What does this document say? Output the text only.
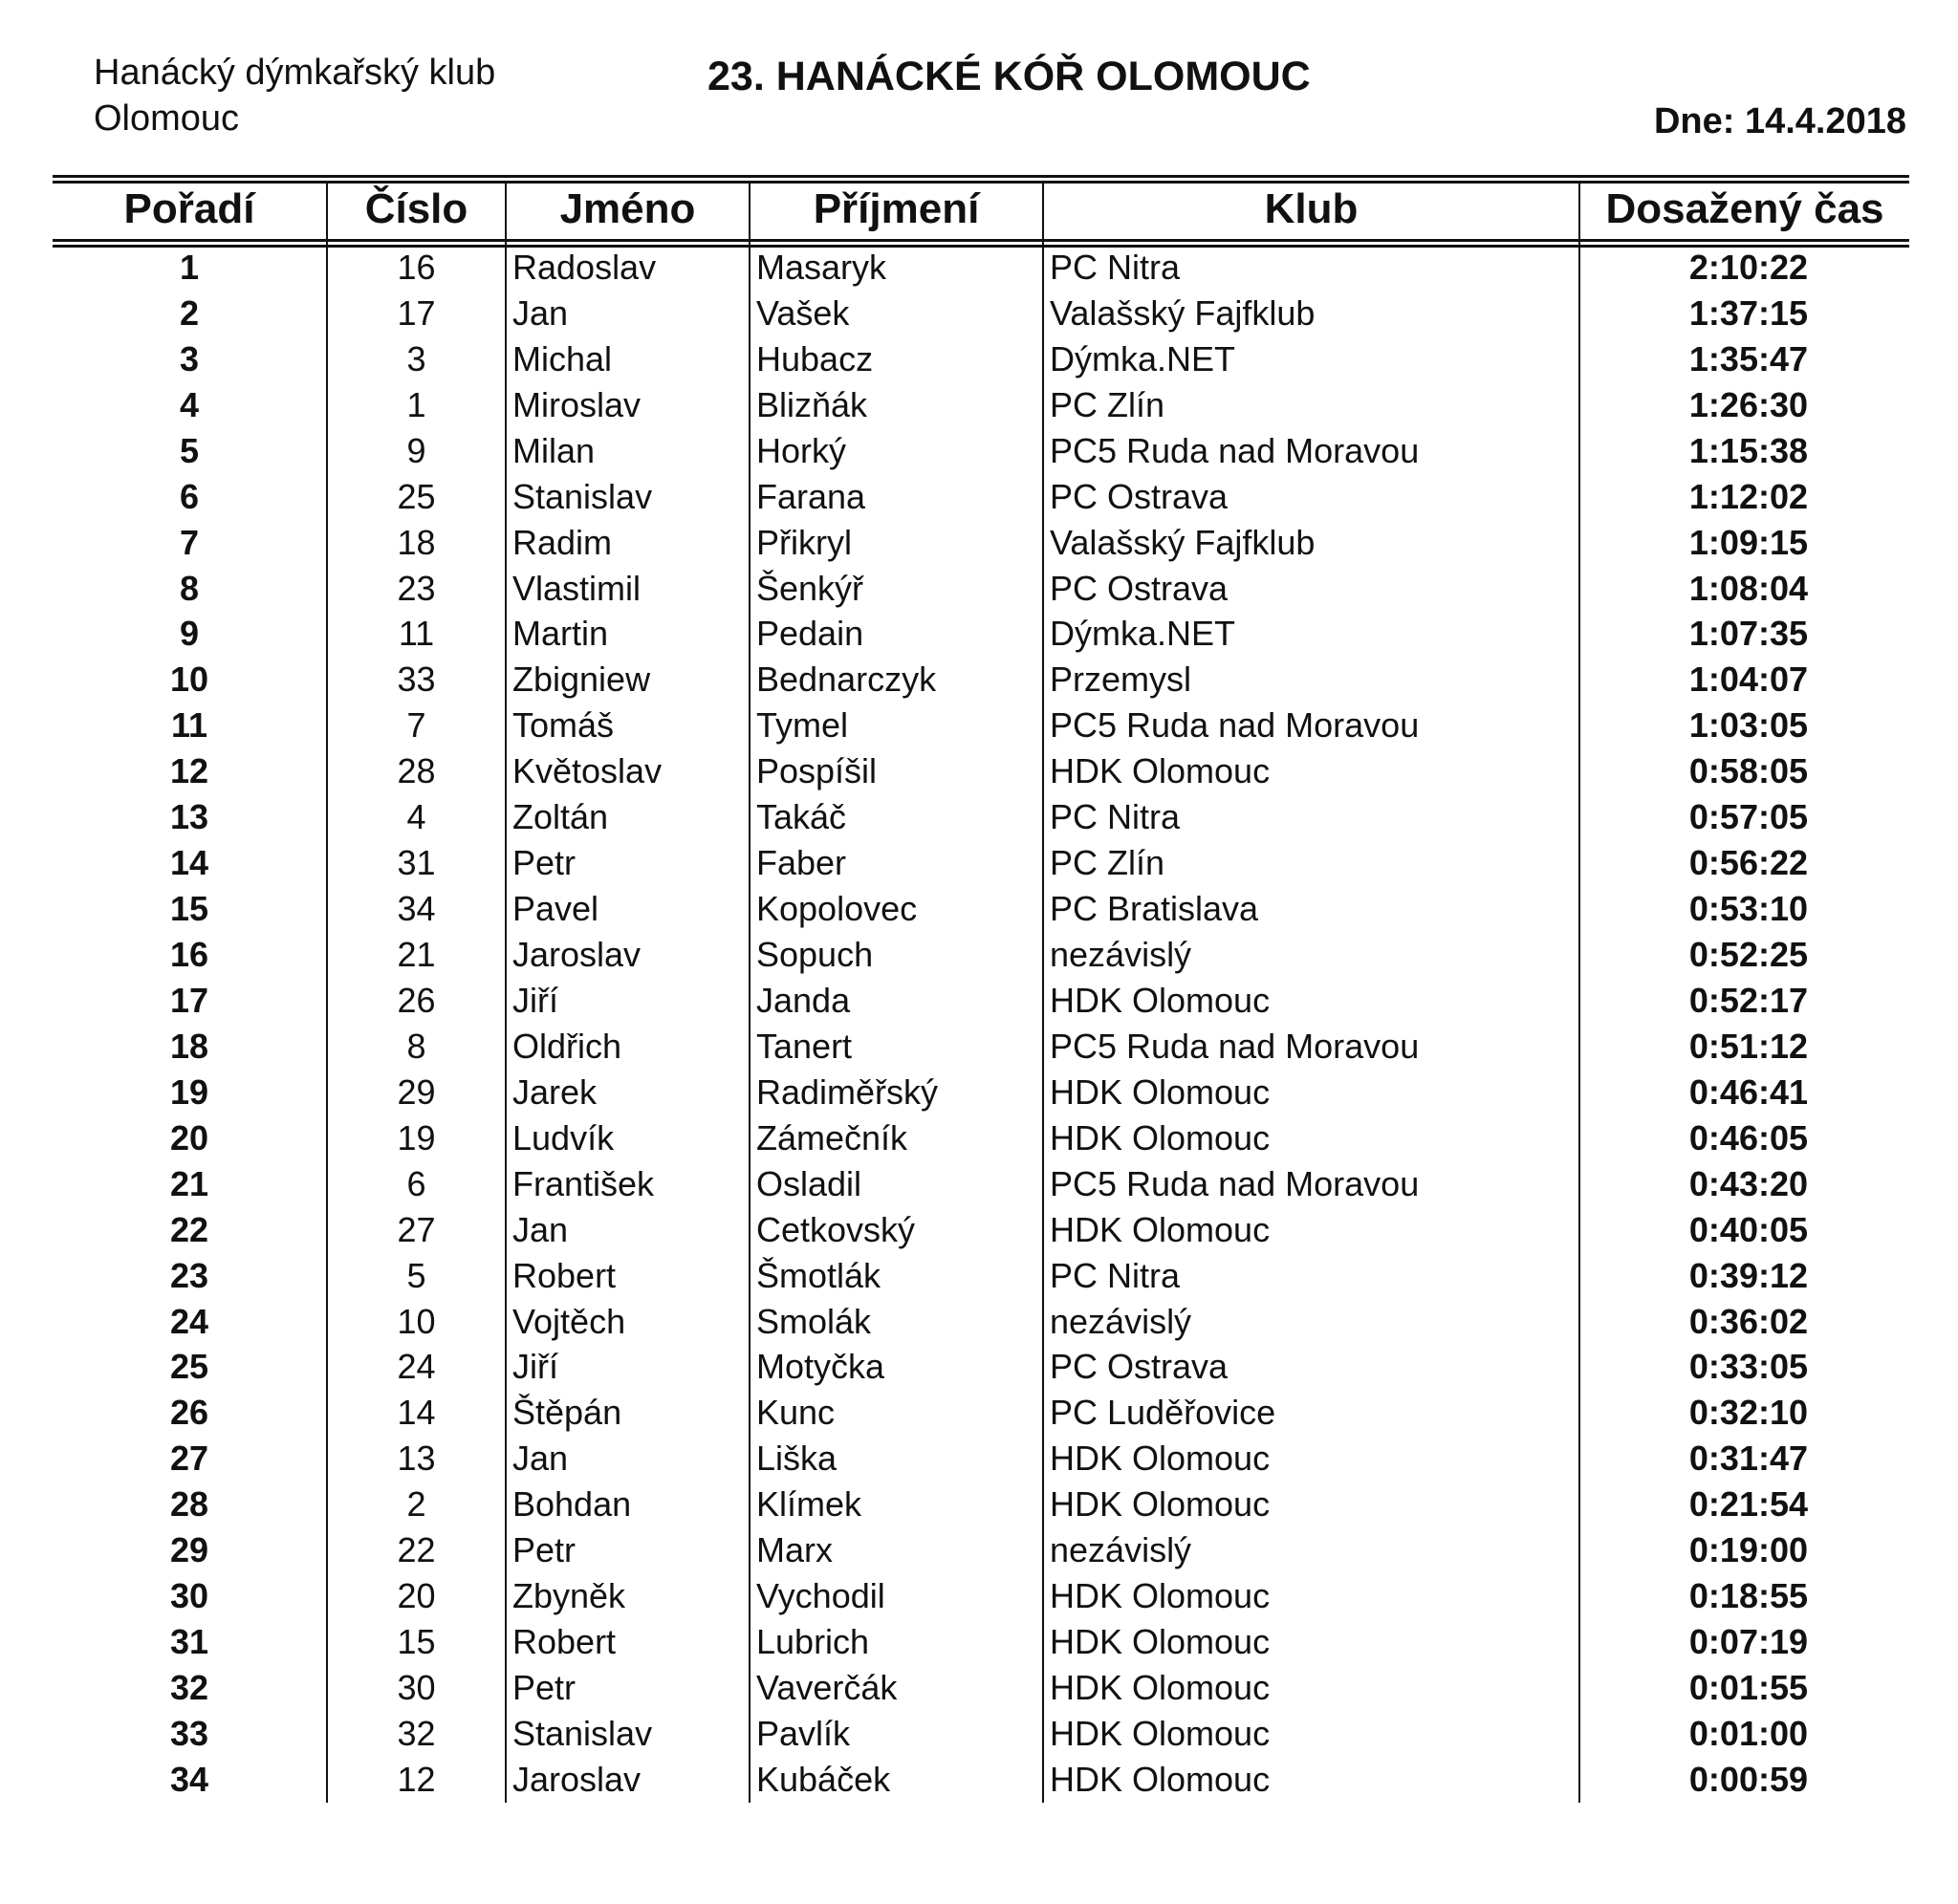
Hanácký dýmkařský klub
Olomouc
23. HANÁCKÉ KÓŘ OLOMOUC
Dne: 14.4.2018
Pořadí	Číslo	Jméno	Příjmení	Klub	Dosažený čas

1	16	Radoslav	Masaryk	PC Nitra	2:10:22
2	17	Jan	Vašek	Valašský Fajfklub	1:37:15
3	3	Michal	Hubacz	Dýmka.NET	1:35:47
4	1	Miroslav	Blizňák	PC Zlín	1:26:30
5	9	Milan	Horký	PC5 Ruda nad Moravou	1:15:38
6	25	Stanislav	Farana	PC Ostrava	1:12:02
7	18	Radim	Přikryl	Valašský Fajfklub	1:09:15
8	23	Vlastimil	Šenkýř	PC Ostrava	1:08:04
9	11	Martin	Pedain	Dýmka.NET	1:07:35
10	33	Zbigniew	Bednarczyk	Przemysl	1:04:07
11	7	Tomáš	Tymel	PC5 Ruda nad Moravou	1:03:05
12	28	Květoslav	Pospíšil	HDK Olomouc	0:58:05
13	4	Zoltán	Takáč	PC Nitra	0:57:05
14	31	Petr	Faber	PC Zlín	0:56:22
15	34	Pavel	Kopolovec	PC Bratislava	0:53:10
16	21	Jaroslav	Sopuch	nezávislý	0:52:25
17	26	Jiří	Janda	HDK Olomouc	0:52:17
18	8	Oldřich	Tanert	PC5 Ruda nad Moravou	0:51:12
19	29	Jarek	Radiměřský	HDK Olomouc	0:46:41
20	19	Ludvík	Zámečník	HDK Olomouc	0:46:05
21	6	František	Osladil	PC5 Ruda nad Moravou	0:43:20
22	27	Jan	Cetkovský	HDK Olomouc	0:40:05
23	5	Robert	Šmotlák	PC Nitra	0:39:12
24	10	Vojtěch	Smolák	nezávislý	0:36:02
25	24	Jiří	Motyčka	PC Ostrava	0:33:05
26	14	Štěpán	Kunc	PC Luděřovice	0:32:10
27	13	Jan	Liška	HDK Olomouc	0:31:47
28	2	Bohdan	Klímek	HDK Olomouc	0:21:54
29	22	Petr	Marx	nezávislý	0:19:00
30	20	Zbyněk	Vychodil	HDK Olomouc	0:18:55
31	15	Robert	Lubrich	HDK Olomouc	0:07:19
32	30	Petr	Vaverčák	HDK Olomouc	0:01:55
33	32	Stanislav	Pavlík	HDK Olomouc	0:01:00
34	12	Jaroslav	Kubáček	HDK Olomouc	0:00:59
